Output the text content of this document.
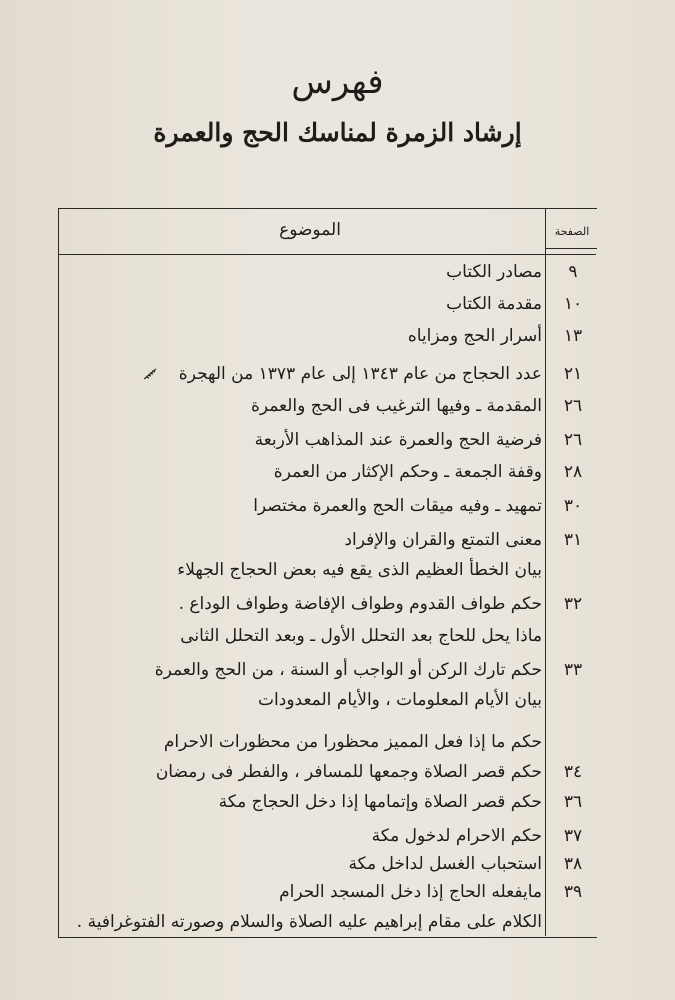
فهرس
إرشاد الزمرة لمناسك الحج والعمرة
الموضوع	الصفحة
٩
مصادر الكتاب
١٠
مقدمة الكتاب
١٣
أسرار الحج ومزاياه
٢١
عدد الحجاج من عام ١٣٤٣ إلى عام ١٣٧٣ من الهجرة
٢٦
المقدمة ـ وفيها الترغيب فى الحج والعمرة
٢٦
فرضية الحج والعمرة عند المذاهب الأربعة
٢٨
وقفة الجمعة ـ وحكم الإكثار من العمرة
٣٠
تمهيد ـ وفيه ميقات الحج والعمرة مختصرا
٣١
معنى التمتع والقران والإفراد
بيان الخطأ العظيم الذى يقع فيه بعض الحجاج الجهلاء
٣٢
حكم طواف القدوم وطواف الإفاضة وطواف الوداع .
ماذا يحل للحاج بعد التحلل الأول ـ وبعد التحلل الثانى
٣٣
حكم تارك الركن أو الواجب أو السنة ، من الحج والعمرة
بيان الأيام المعلومات ، والأيام المعدودات
حكم ما إذا فعل المميز محظورا من محظورات الاحرام
٣٤
حكم قصر الصلاة وجمعها للمسافر ، والفطر فى رمضان
٣٦
حكم قصر الصلاة وإتمامها إذا دخل الحجاج مكة
٣٧
حكم الاحرام لدخول مكة
٣٨
استحباب الغسل لداخل مكة
٣٩
مايفعله الحاج إذا دخل المسجد الحرام
الكلام على مقام إبراهيم عليه الصلاة والسلام وصورته الفتوغرافية .
